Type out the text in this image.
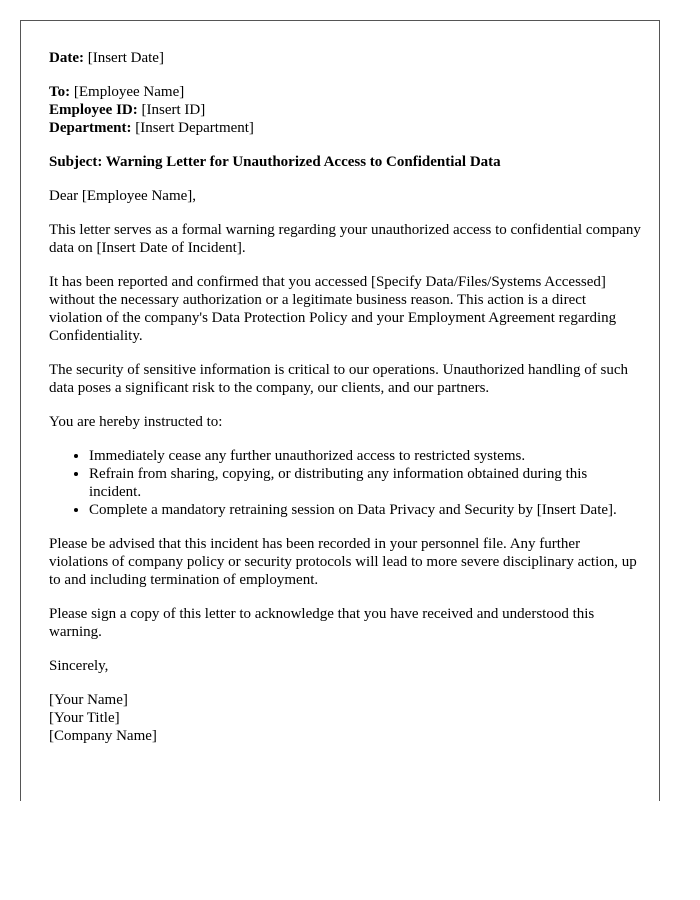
Date: [Insert Date]

To: [Employee Name]

Employee ID: [Insert ID]

Department: [Insert Department]

Subject: Warning Letter for Unauthorized Access to Confidential Data

Dear [Employee Name],

This letter serves as a formal warning regarding your unauthorized access to confidential company data on [Insert Date of Incident].

It has been reported and confirmed that you accessed [Specify Data/Files/Systems Accessed] without the necessary authorization or a legitimate business reason. This action is a direct violation of the company's Data Protection Policy and your Employment Agreement regarding Confidentiality.

The security of sensitive information is critical to our operations. Unauthorized handling of such data poses a significant risk to the company, our clients, and our partners.

You are hereby instructed to:

• Immediately cease any further unauthorized access to restricted systems.
• Refrain from sharing, copying, or distributing any information obtained during this incident.
• Complete a mandatory retraining session on Data Privacy and Security by [Insert Date].

Please be advised that this incident has been recorded in your personnel file. Any further violations of company policy or security protocols will lead to more severe disciplinary action, up to and including termination of employment.

Please sign a copy of this letter to acknowledge that you have received and understood this warning.

Sincerely,

[Your Name]

[Your Title]

[Company Name]
